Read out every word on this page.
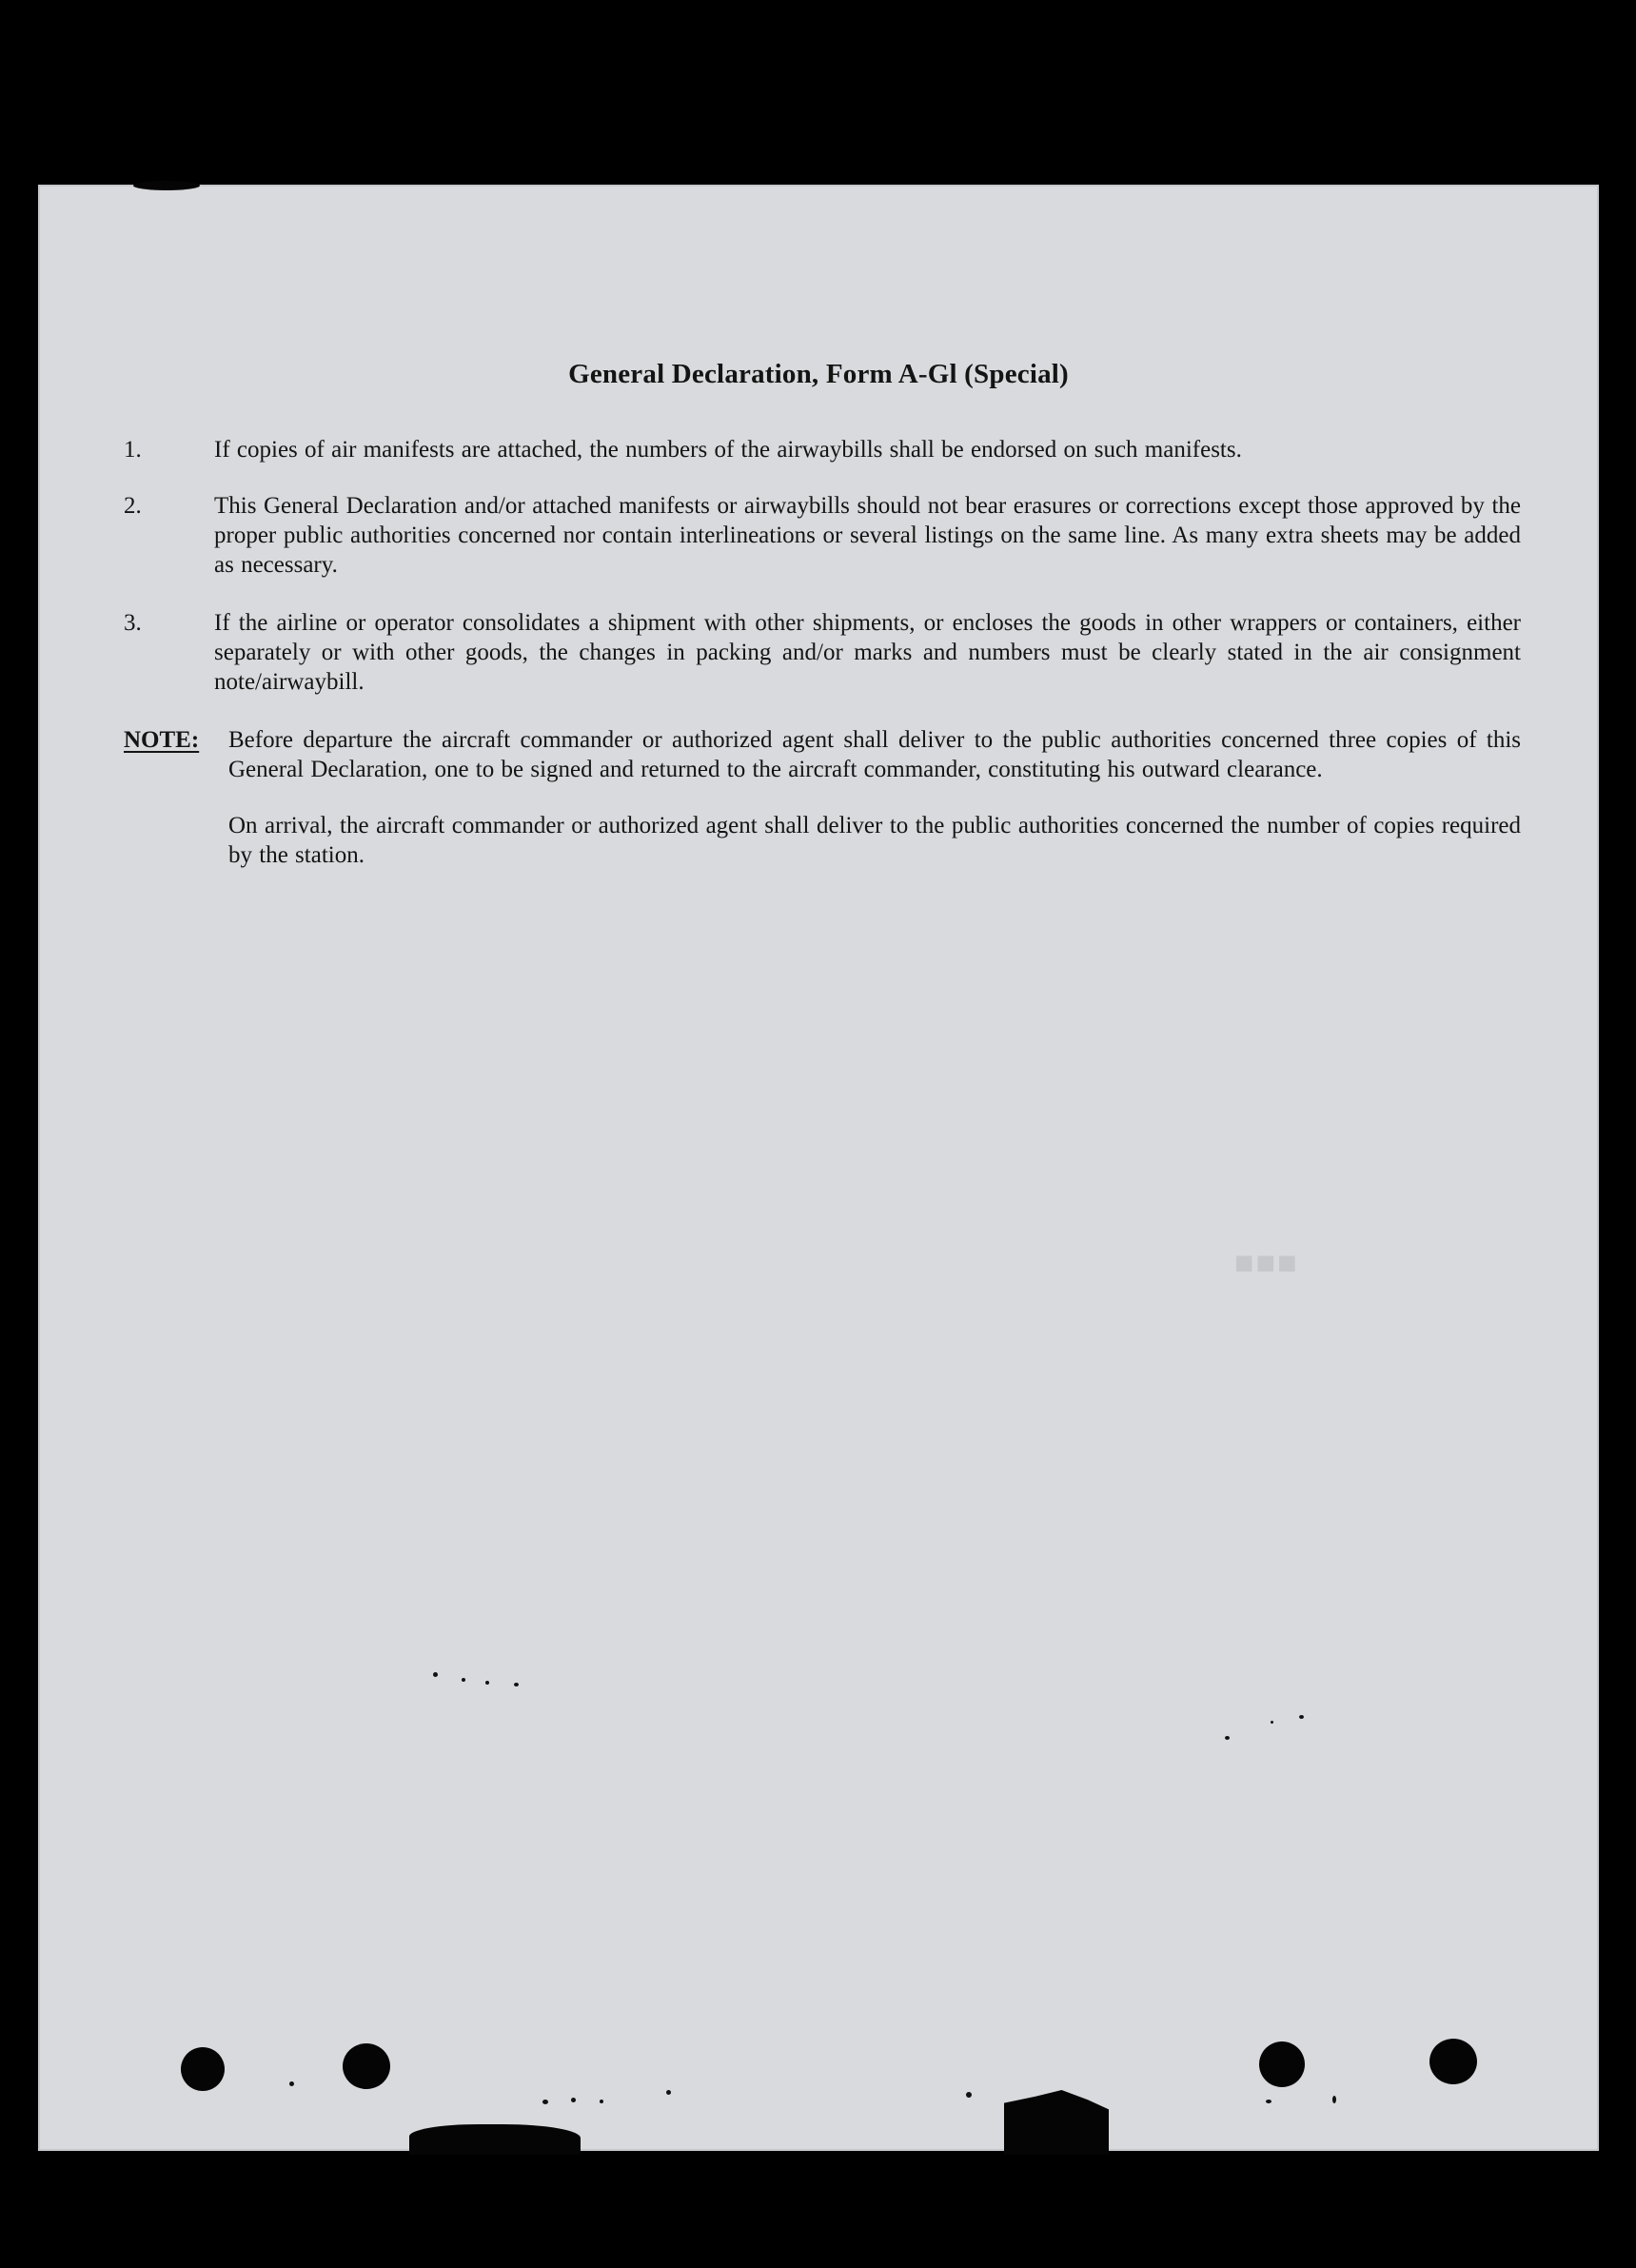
General Declaration, Form A-Gl (Special)
1.	If copies of air manifests are attached, the numbers of the airwaybills shall be endorsed on such manifests.
2.	This General Declaration and/or attached manifests or airwaybills should not bear erasures or corrections except those approved by the proper public authorities concerned nor contain interlineations or several listings on the same line. As many extra sheets may be added as necessary.
3.	If the airline or operator consolidates a shipment with other shipments, or encloses the goods in other wrappers or containers, either separately or with other goods, the changes in packing and/or marks and numbers must be clearly stated in the air consignment note/airwaybill.
NOTE: Before departure the aircraft commander or authorized agent shall deliver to the public authorities concerned three copies of this General Declaration, one to be signed and returned to the aircraft commander, constituting his outward clearance.
On arrival, the aircraft commander or authorized agent shall deliver to the public authorities concerned the number of copies required by the station.
■■■
